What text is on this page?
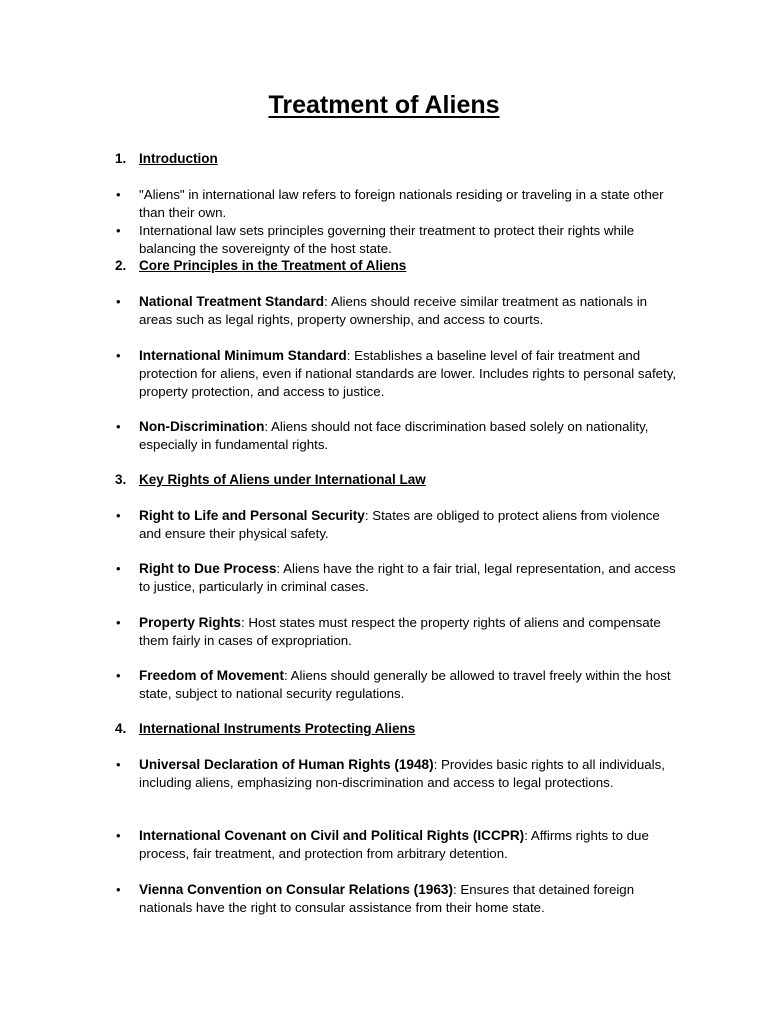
Treatment of Aliens
1. Introduction
• "Aliens" in international law refers to foreign nationals residing or traveling in a state other than their own.
• International law sets principles governing their treatment to protect their rights while balancing the sovereignty of the host state.
2. Core Principles in the Treatment of Aliens
• National Treatment Standard: Aliens should receive similar treatment as nationals in areas such as legal rights, property ownership, and access to courts.
• International Minimum Standard: Establishes a baseline level of fair treatment and protection for aliens, even if national standards are lower. Includes rights to personal safety, property protection, and access to justice.
• Non-Discrimination: Aliens should not face discrimination based solely on nationality, especially in fundamental rights.
3. Key Rights of Aliens under International Law
• Right to Life and Personal Security: States are obliged to protect aliens from violence and ensure their physical safety.
• Right to Due Process: Aliens have the right to a fair trial, legal representation, and access to justice, particularly in criminal cases.
• Property Rights: Host states must respect the property rights of aliens and compensate them fairly in cases of expropriation.
• Freedom of Movement: Aliens should generally be allowed to travel freely within the host state, subject to national security regulations.
4. International Instruments Protecting Aliens
• Universal Declaration of Human Rights (1948): Provides basic rights to all individuals, including aliens, emphasizing non-discrimination and access to legal protections.
• International Covenant on Civil and Political Rights (ICCPR): Affirms rights to due process, fair treatment, and protection from arbitrary detention.
• Vienna Convention on Consular Relations (1963): Ensures that detained foreign nationals have the right to consular assistance from their home state.
